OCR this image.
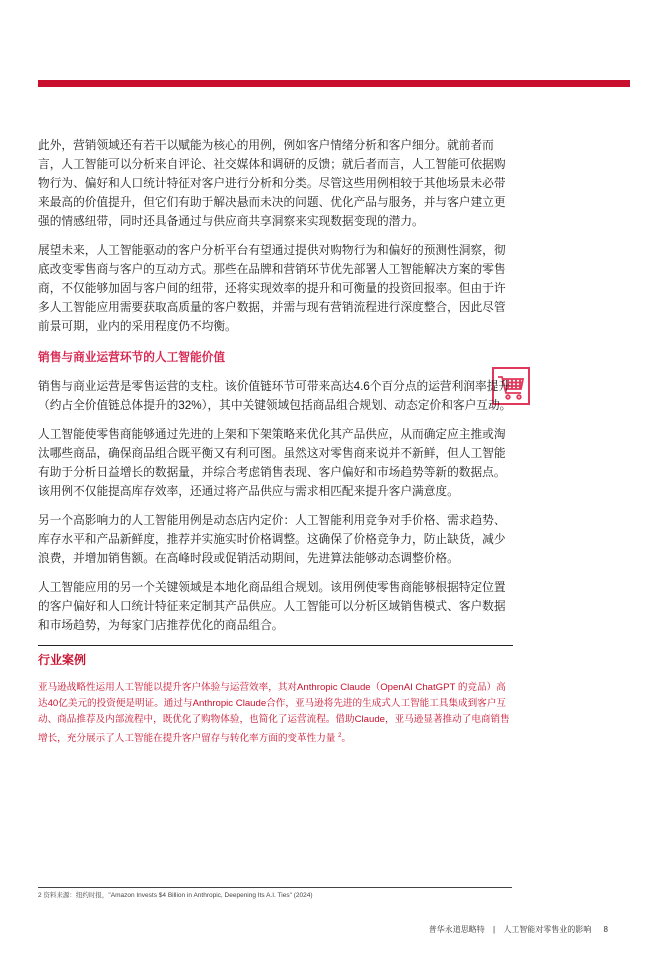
此外，营销领域还有若干以赋能为核心的用例，例如客户情绪分析和客户细分。就前者而言，人工智能可以分析来自评论、社交媒体和调研的反馈；就后者而言，人工智能可依据购物行为、偏好和人口统计特征对客户进行分析和分类。尽管这些用例相较于其他场景未必带来最高的价值提升，但它们有助于解决悬而未决的问题、优化产品与服务，并与客户建立更强的情感纽带，同时还具备通过与供应商共享洞察来实现数据变现的潜力。

展望未来，人工智能驱动的客户分析平台有望通过提供对购物行为和偏好的预测性洞察，彻底改变零售商与客户的互动方式。那些在品牌和营销环节优先部署人工智能解决方案的零售商，不仅能够加固与客户间的纽带，还将实现效率的提升和可衡量的投资回报率。但由于许多人工智能应用需要获取高质量的客户数据，并需与现有营销流程进行深度整合，因此尽管前景可期，业内的采用程度仍不均衡。

销售与商业运营环节的人工智能价值

销售与商业运营是零售运营的支柱。该价值链环节可带来高达4.6个百分点的运营利润率提升（约占全价值链总体提升的32%），其中关键领域包括商品组合规划、动态定价和客户互动。

人工智能使零售商能够通过先进的上架和下架策略来优化其产品供应，从而确定应主推或淘汰哪些商品，确保商品组合既平衡又有利可图。虽然这对零售商来说并不新鲜，但人工智能有助于分析日益增长的数据量，并综合考虑销售表现、客户偏好和市场趋势等新的数据点。该用例不仅能提高库存效率，还通过将产品供应与需求相匹配来提升客户满意度。

另一个高影响力的人工智能用例是动态店内定价：人工智能利用竞争对手价格、需求趋势、库存水平和产品新鲜度，推荐并实施实时价格调整。这确保了价格竞争力，防止缺货，减少浪费，并增加销售额。在高峰时段或促销活动期间，先进算法能够动态调整价格。

人工智能应用的另一个关键领域是本地化商品组合规划。该用例使零售商能够根据特定位置的客户偏好和人口统计特征来定制其产品供应。人工智能可以分析区域销售模式、客户数据和市场趋势，为每家门店推荐优化的商品组合。

行业案例
亚马逊战略性运用人工智能以提升客户体验与运营效率，其对Anthropic Claude（OpenAI ChatGPT 的竞品）高达40亿美元的投资便是明证。通过与Anthropic Claude合作，亚马逊将先进的生成式人工智能工具集成到客户互动、商品推荐及内部流程中，既优化了购物体验，也简化了运营流程。借助Claude，亚马逊显著推动了电商销售增长，充分展示了人工智能在提升客户留存与转化率方面的变革性力量 $^2$。
2 资料来源：纽约时报，"Amazon Invests $4 Billion in Anthropic, Deepening Its A.I. Ties" (2024)
普华永道思略特 | 人工智能对零售业的影响 8
